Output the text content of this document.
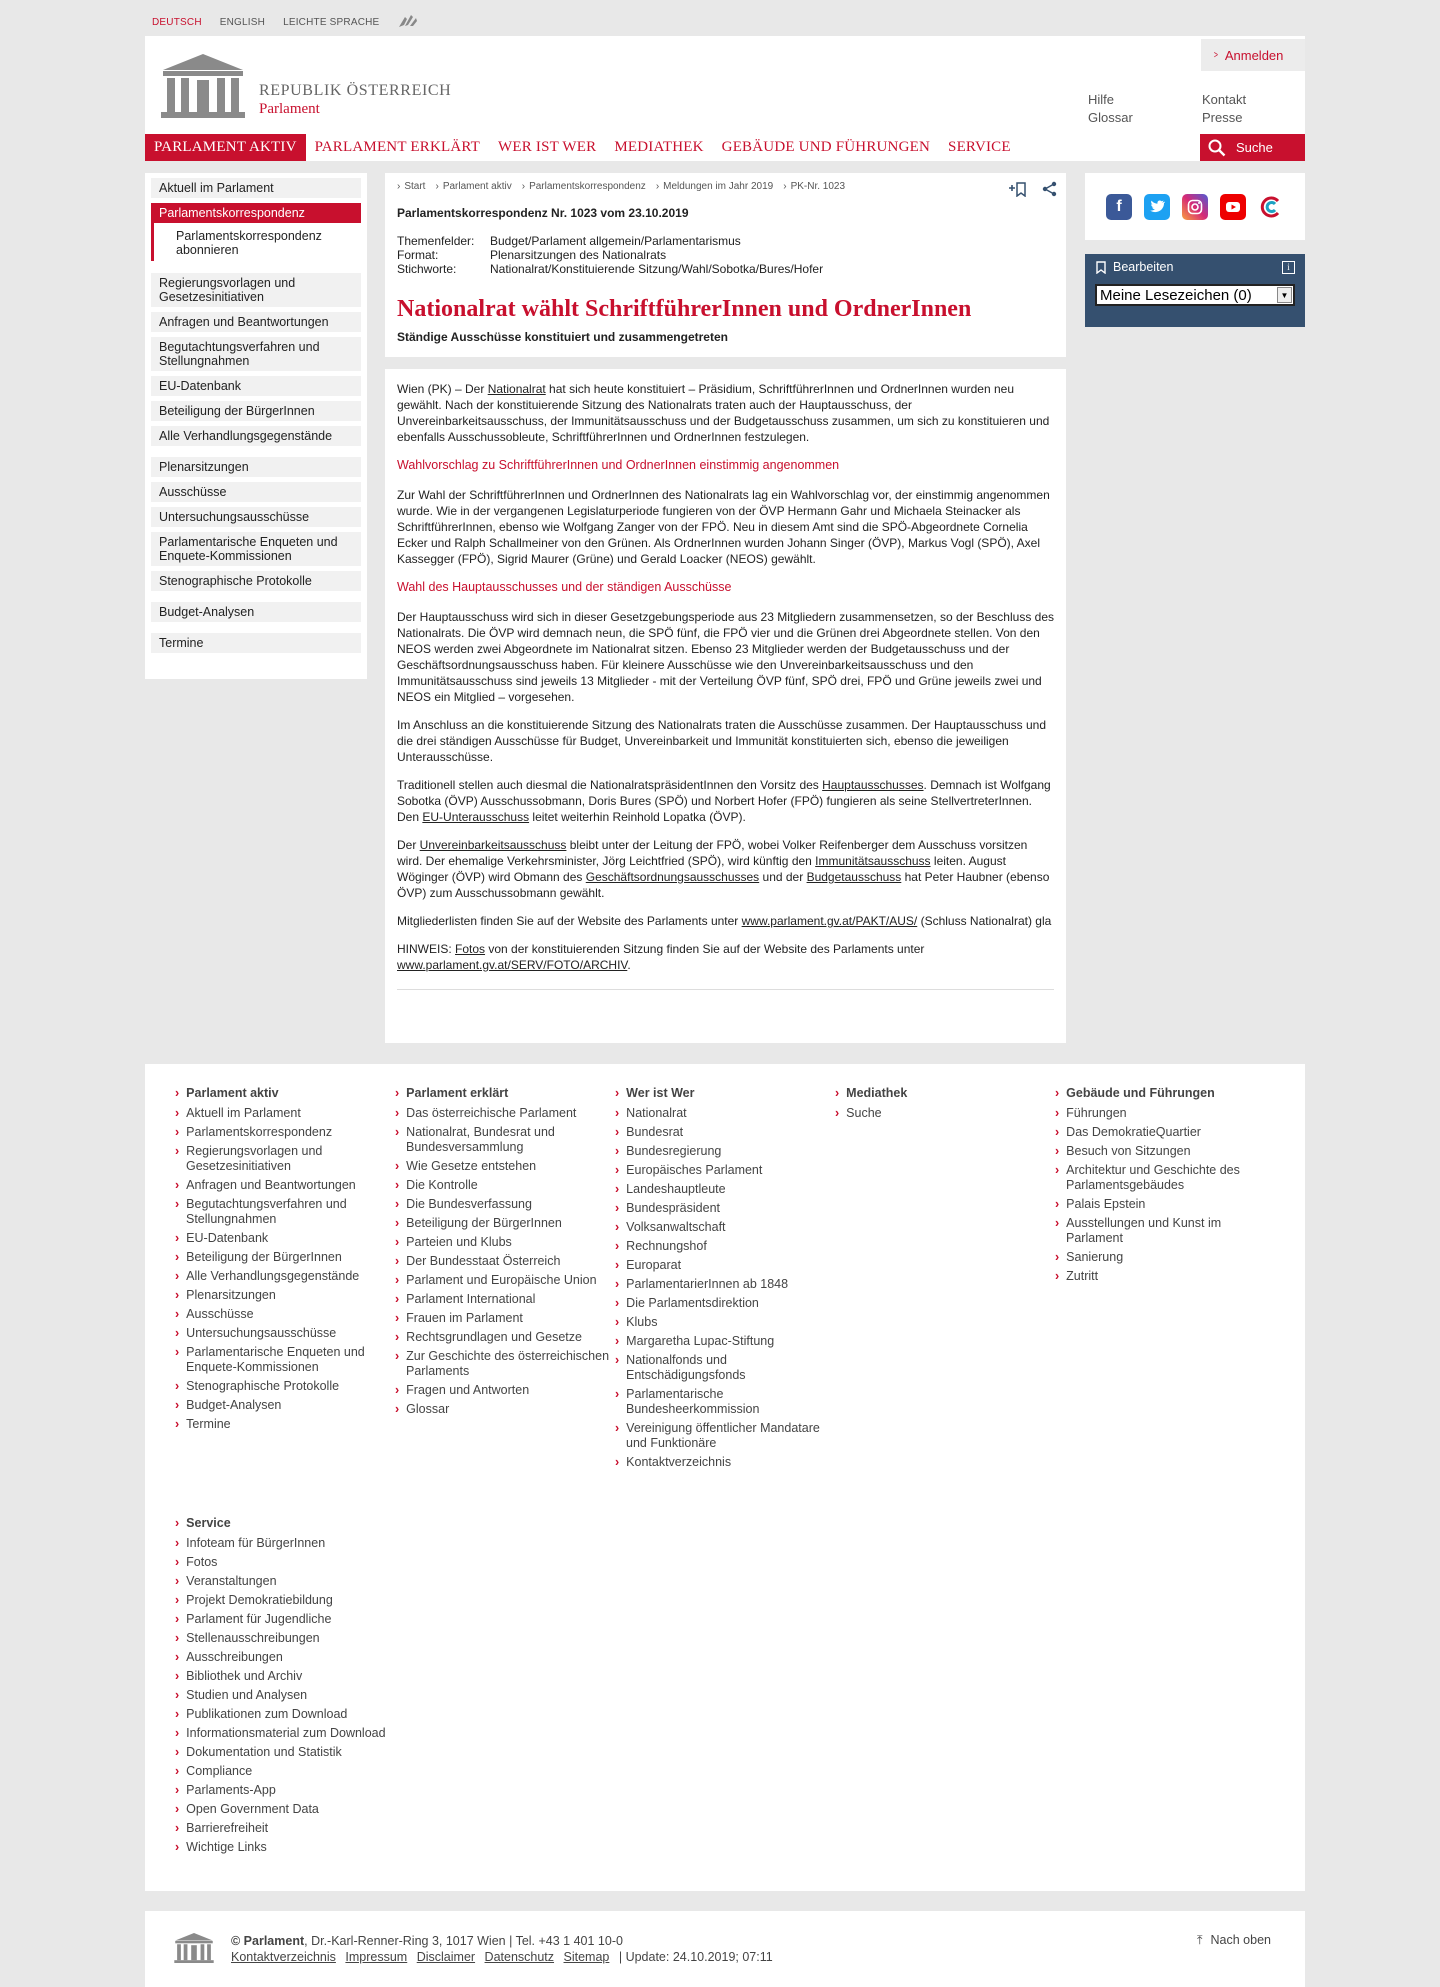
DEUTSCH ENGLISH LEICHTE SPRACHE
REPUBLIK ÖSTERREICH
Parlament
> Anmelden
Hilfe	Kontakt
Glossar	Presse
PARLAMENT AKTIV	PARLAMENT ERKLÄRT	WER IST WER	MEDIATHEK	GEBÄUDE UND FÜHRUNGEN	SERVICE	Suche
Aktuell im Parlament
Parlamentskorrespondenz
Parlamentskorrespondenz abonnieren
Regierungsvorlagen und Gesetzesinitiativen
Anfragen und Beantwortungen
Begutachtungsverfahren und Stellungnahmen
EU-Datenbank
Beteiligung der BürgerInnen
Alle Verhandlungsgegenstände
Plenarsitzungen
Ausschüsse
Untersuchungsausschüsse
Parlamentarische Enqueten und Enquete-Kommissionen
Stenographische Protokolle
Budget-Analysen
Termine
› Start	› Parlament aktiv	› Parlamentskorrespondenz	› Meldungen im Jahr 2019	› PK-Nr. 1023
Parlamentskorrespondenz Nr. 1023 vom 23.10.2019
Themenfelder:	Budget/Parlament allgemein/Parlamentarismus
Format:	Plenarsitzungen des Nationalrats
Stichworte:	Nationalrat/Konstituierende Sitzung/Wahl/Sobotka/Bures/Hofer
Nationalrat wählt SchriftführerInnen und OrdnerInnen
Ständige Ausschüsse konstituiert und zusammengetreten

Wien (PK) – Der Nationalrat hat sich heute konstituiert – Präsidium, SchriftführerInnen und OrdnerInnen wurden neu gewählt. Nach der konstituierende Sitzung des Nationalrats traten auch der Hauptausschuss, der Unvereinbarkeitsausschuss, der Immunitätsausschuss und der Budgetausschuss zusammen, um sich zu konstituieren und ebenfalls Ausschussobleute, SchriftführerInnen und OrdnerInnen festzulegen.

Wahlvorschlag zu SchriftführerInnen und OrdnerInnen einstimmig angenommen

Zur Wahl der SchriftführerInnen und OrdnerInnen des Nationalrats lag ein Wahlvorschlag vor, der einstimmig angenommen wurde. Wie in der vergangenen Legislaturperiode fungieren von der ÖVP Hermann Gahr und Michaela Steinacker als SchriftführerInnen, ebenso wie Wolfgang Zanger von der FPÖ. Neu in diesem Amt sind die SPÖ-Abgeordnete Cornelia Ecker und Ralph Schallmeiner von den Grünen. Als OrdnerInnen wurden Johann Singer (ÖVP), Markus Vogl (SPÖ), Axel Kassegger (FPÖ), Sigrid Maurer (Grüne) und Gerald Loacker (NEOS) gewählt.

Wahl des Hauptausschusses und der ständigen Ausschüsse

Der Hauptausschuss wird sich in dieser Gesetzgebungsperiode aus 23 Mitgliedern zusammensetzen, so der Beschluss des Nationalrats. Die ÖVP wird demnach neun, die SPÖ fünf, die FPÖ vier und die Grünen drei Abgeordnete stellen. Von den NEOS werden zwei Abgeordnete im Nationalrat sitzen. Ebenso 23 Mitglieder werden der Budgetausschuss und der Geschäftsordnungsausschuss haben. Für kleinere Ausschüsse wie den Unvereinbarkeitsausschuss und den Immunitätsausschuss sind jeweils 13 Mitglieder - mit der Verteilung ÖVP fünf, SPÖ drei, FPÖ und Grüne jeweils zwei und NEOS ein Mitglied – vorgesehen.

Im Anschluss an die konstituierende Sitzung des Nationalrats traten die Ausschüsse zusammen. Der Hauptausschuss und die drei ständigen Ausschüsse für Budget, Unvereinbarkeit und Immunität konstituierten sich, ebenso die jeweiligen Unterausschüsse.

Traditionell stellen auch diesmal die NationalratspräsidentInnen den Vorsitz des Hauptausschusses. Demnach ist Wolfgang Sobotka (ÖVP) Ausschussobmann, Doris Bures (SPÖ) und Norbert Hofer (FPÖ) fungieren als seine StellvertreterInnen. Den EU-Unterausschuss leitet weiterhin Reinhold Lopatka (ÖVP).

Der Unvereinbarkeitsausschuss bleibt unter der Leitung der FPÖ, wobei Volker Reifenberger dem Ausschuss vorsitzen wird. Der ehemalige Verkehrsminister, Jörg Leichtfried (SPÖ), wird künftig den Immunitätsausschuss leiten. August Wöginger (ÖVP) wird Obmann des Geschäftsordnungsausschusses und der Budgetausschuss hat Peter Haubner (ebenso ÖVP) zum Ausschussobmann gewählt.

Mitgliederlisten finden Sie auf der Website des Parlaments unter www.parlament.gv.at/PAKT/AUS/ (Schluss Nationalrat) gla

HINWEIS: Fotos von der konstituierenden Sitzung finden Sie auf der Website des Parlaments unter www.parlament.gv.at/SERV/FOTO/ARCHIV.

f
Bearbeiten	i
Meine Lesezeichen (0)	▼
› Parlament aktiv
› Aktuell im Parlament
› Parlamentskorrespondenz
› Regierungsvorlagen und Gesetzesinitiativen
› Anfragen und Beantwortungen
› Begutachtungsverfahren und Stellungnahmen
› EU-Datenbank
› Beteiligung der BürgerInnen
› Alle Verhandlungsgegenstände
› Plenarsitzungen
› Ausschüsse
› Untersuchungsausschüsse
› Parlamentarische Enqueten und Enquete-Kommissionen
› Stenographische Protokolle
› Budget-Analysen
› Termine
› Parlament erklärt
› Das österreichische Parlament
› Nationalrat, Bundesrat und Bundesversammlung
› Wie Gesetze entstehen
› Die Kontrolle
› Die Bundesverfassung
› Beteiligung der BürgerInnen
› Parteien und Klubs
› Der Bundesstaat Österreich
› Parlament und Europäische Union
› Parlament International
› Frauen im Parlament
› Rechtsgrundlagen und Gesetze
› Zur Geschichte des österreichischen Parlaments
› Fragen und Antworten
› Glossar
› Wer ist Wer
› Nationalrat
› Bundesrat
› Bundesregierung
› Europäisches Parlament
› Landeshauptleute
› Bundespräsident
› Volksanwaltschaft
› Rechnungshof
› Europarat
› ParlamentarierInnen ab 1848
› Die Parlamentsdirektion
› Klubs
› Margaretha Lupac-Stiftung
› Nationalfonds und Entschädigungsfonds
› Parlamentarische Bundesheerkommission
› Vereinigung öffentlicher Mandatare und Funktionäre
› Kontaktverzeichnis
› Mediathek
› Suche
› Gebäude und Führungen
› Führungen
› Das DemokratieQuartier
› Besuch von Sitzungen
› Architektur und Geschichte des Parlamentsgebäudes
› Palais Epstein
› Ausstellungen und Kunst im Parlament
› Sanierung
› Zutritt
› Service
› Infoteam für BürgerInnen
› Fotos
› Veranstaltungen
› Projekt Demokratiebildung
› Parlament für Jugendliche
› Stellenausschreibungen
› Ausschreibungen
› Bibliothek und Archiv
› Studien und Analysen
› Publikationen zum Download
› Informationsmaterial zum Download
› Dokumentation und Statistik
› Compliance
› Parlaments-App
› Open Government Data
› Barrierefreiheit
› Wichtige Links
© Parlament, Dr.-Karl-Renner-Ring 3, 1017 Wien | Tel. +43 1 401 10-0
Kontaktverzeichnis Impressum Disclaimer Datenschutz Sitemap | Update: 24.10.2019; 07:11
⤒ Nach oben
